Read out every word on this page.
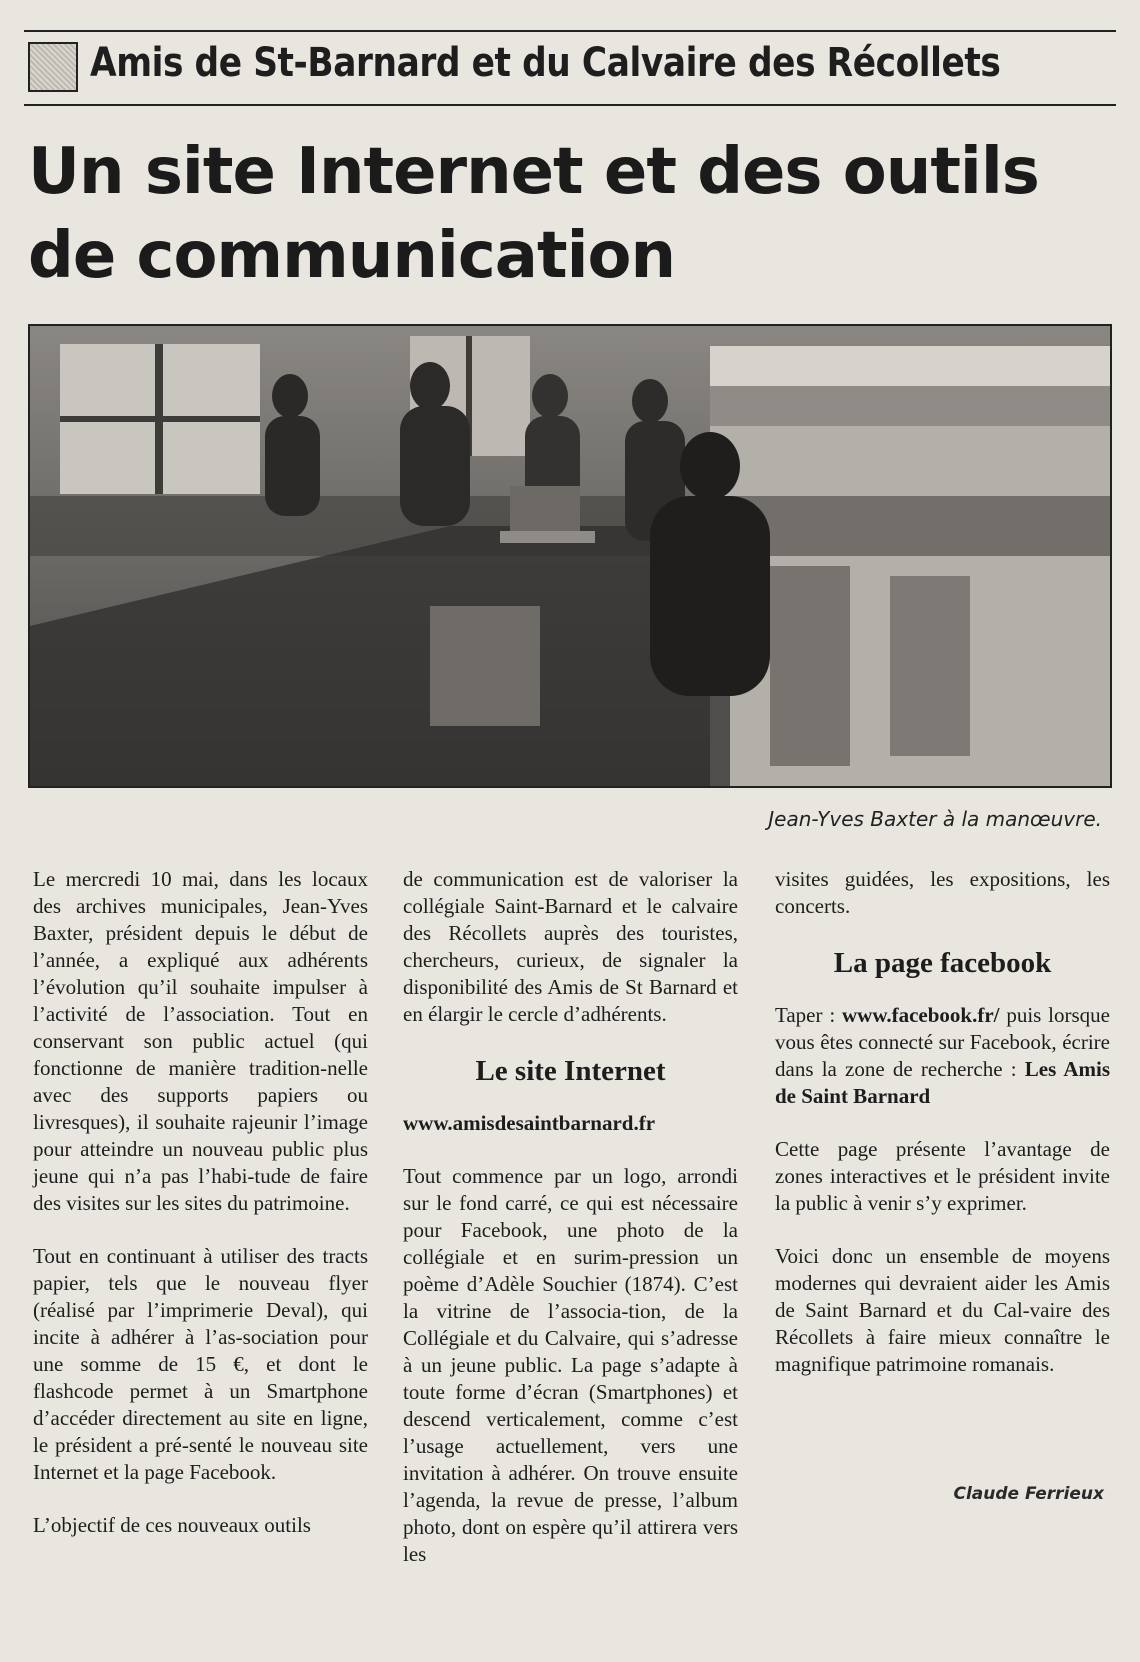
Amis de St-Barnard et du Calvaire des Récollets
Un site Internet et des outils
de communication
Jean-Yves Baxter à la manœuvre.

Le mercredi 10 mai, dans les locaux des archives municipales, Jean-Yves Baxter, président depuis le début de l’année, a expliqué aux adhérents l’évolution qu’il souhaite impulser à l’activité de l’association. Tout en conservant son public actuel (qui fonctionne de manière tradition-nelle avec des supports papiers ou livresques), il souhaite rajeunir l’image pour atteindre un nouveau public plus jeune qui n’a pas l’habi-tude de faire des visites sur les sites du patrimoine.

Tout en continuant à utiliser des tracts papier, tels que le nouveau flyer (réalisé par l’imprimerie Deval), qui incite à adhérer à l’as-sociation pour une somme de 15 €, et dont le flashcode permet à un Smartphone d’accéder directement au site en ligne, le président a pré-senté le nouveau site Internet et la page Facebook.

L’objectif de ces nouveaux outils

de communication est de valoriser la collégiale Saint-Barnard et le calvaire des Récollets auprès des touristes, chercheurs, curieux, de signaler la disponibilité des Amis de St Barnard et en élargir le cercle d’adhérents.

Le site Internet
www.amisdesaintbarnard.fr

Tout commence par un logo, arrondi sur le fond carré, ce qui est nécessaire pour Facebook, une photo de la collégiale et en surim-pression un poème d’Adèle Souchier (1874). C’est la vitrine de l’associa-tion, de la Collégiale et du Calvaire, qui s’adresse à un jeune public. La page s’adapte à toute forme d’écran (Smartphones) et descend verticalement, comme c’est l’usage actuellement, vers une invitation à adhérer. On trouve ensuite l’agenda, la revue de presse, l’album photo, dont on espère qu’il attirera vers les

visites guidées, les expositions, les concerts.

La page facebook

Taper : www.facebook.fr/ puis lorsque vous êtes connecté sur Facebook, écrire dans la zone de recherche : Les Amis de Saint Barnard

Cette page présente l’avantage de zones interactives et le président invite la public à venir s’y exprimer.

Voici donc un ensemble de moyens modernes qui devraient aider les Amis de Saint Barnard et du Cal-vaire des Récollets à faire mieux connaître le magnifique patrimoine romanais.

Claude Ferrieux
